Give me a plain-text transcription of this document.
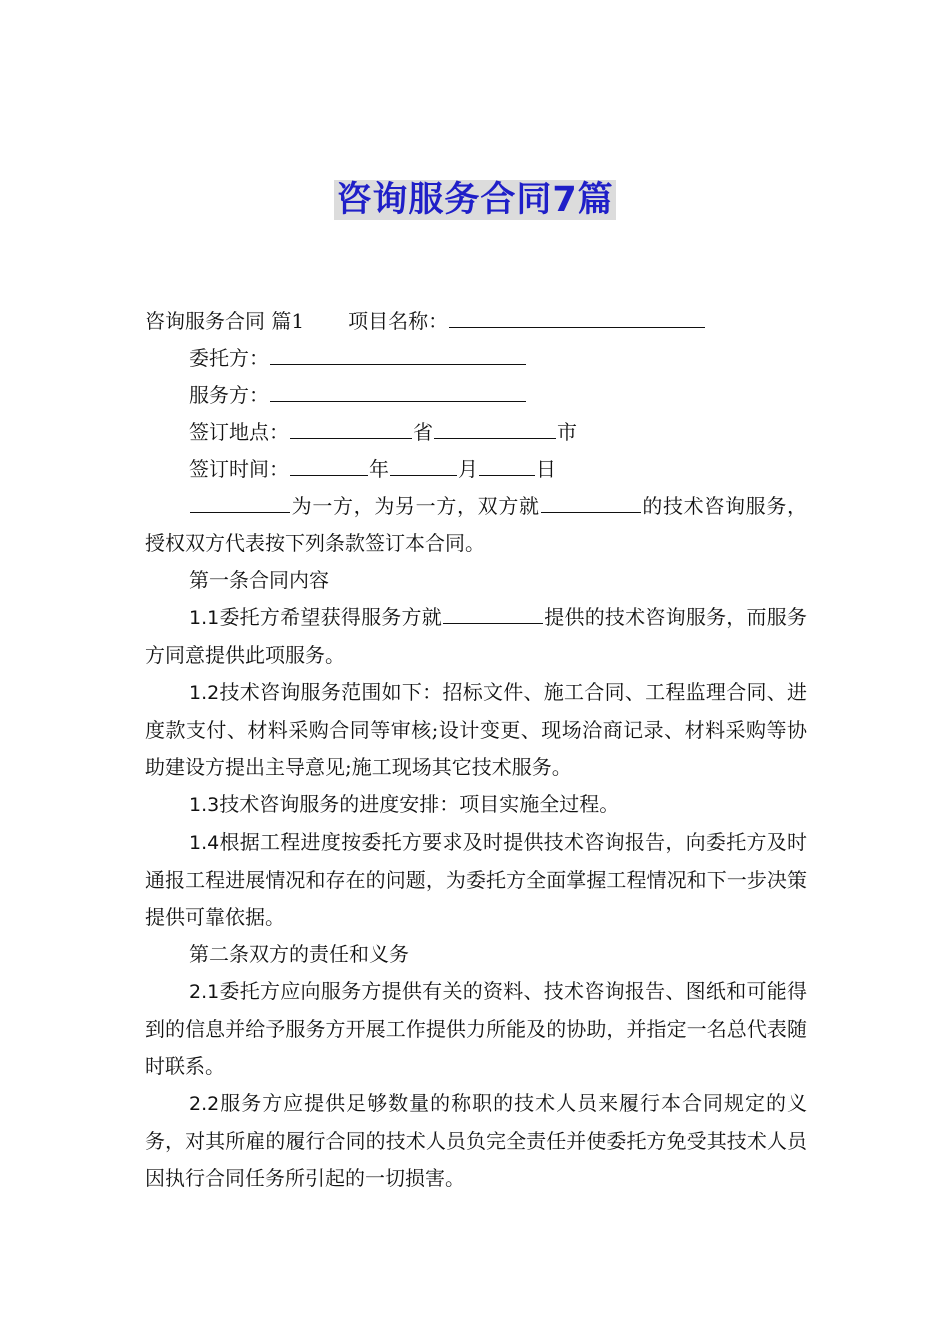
咨询服务合同7篇
咨询服务合同 篇1 项目名称：
委托方：
服务方：
签订地点：	省	市
签订时间：	年	月	日
为一方，为另一方，双方就	的技术咨询服务，授权双方代表按下列条款签订本合同。
第一条合同内容
1.1委托方希望获得服务方就	提供的技术咨询服务，而服务方同意提供此项服务。
1.2技术咨询服务范围如下：招标文件、施工合同、工程监理合同、进度款支付、材料采购合同等审核;设计变更、现场洽商记录、材料采购等协助建设方提出主导意见;施工现场其它技术服务。
1.3技术咨询服务的进度安排：项目实施全过程。
1.4根据工程进度按委托方要求及时提供技术咨询报告，向委托方及时通报工程进展情况和存在的问题，为委托方全面掌握工程情况和下一步决策提供可靠依据。
第二条双方的责任和义务
2.1委托方应向服务方提供有关的资料、技术咨询报告、图纸和可能得到的信息并给予服务方开展工作提供力所能及的协助，并指定一名总代表随时联系。
2.2服务方应提供足够数量的称职的技术人员来履行本合同规定的义务，对其所雇的履行合同的技术人员负完全责任并使委托方免受其技术人员因执行合同任务所引起的一切损害。
